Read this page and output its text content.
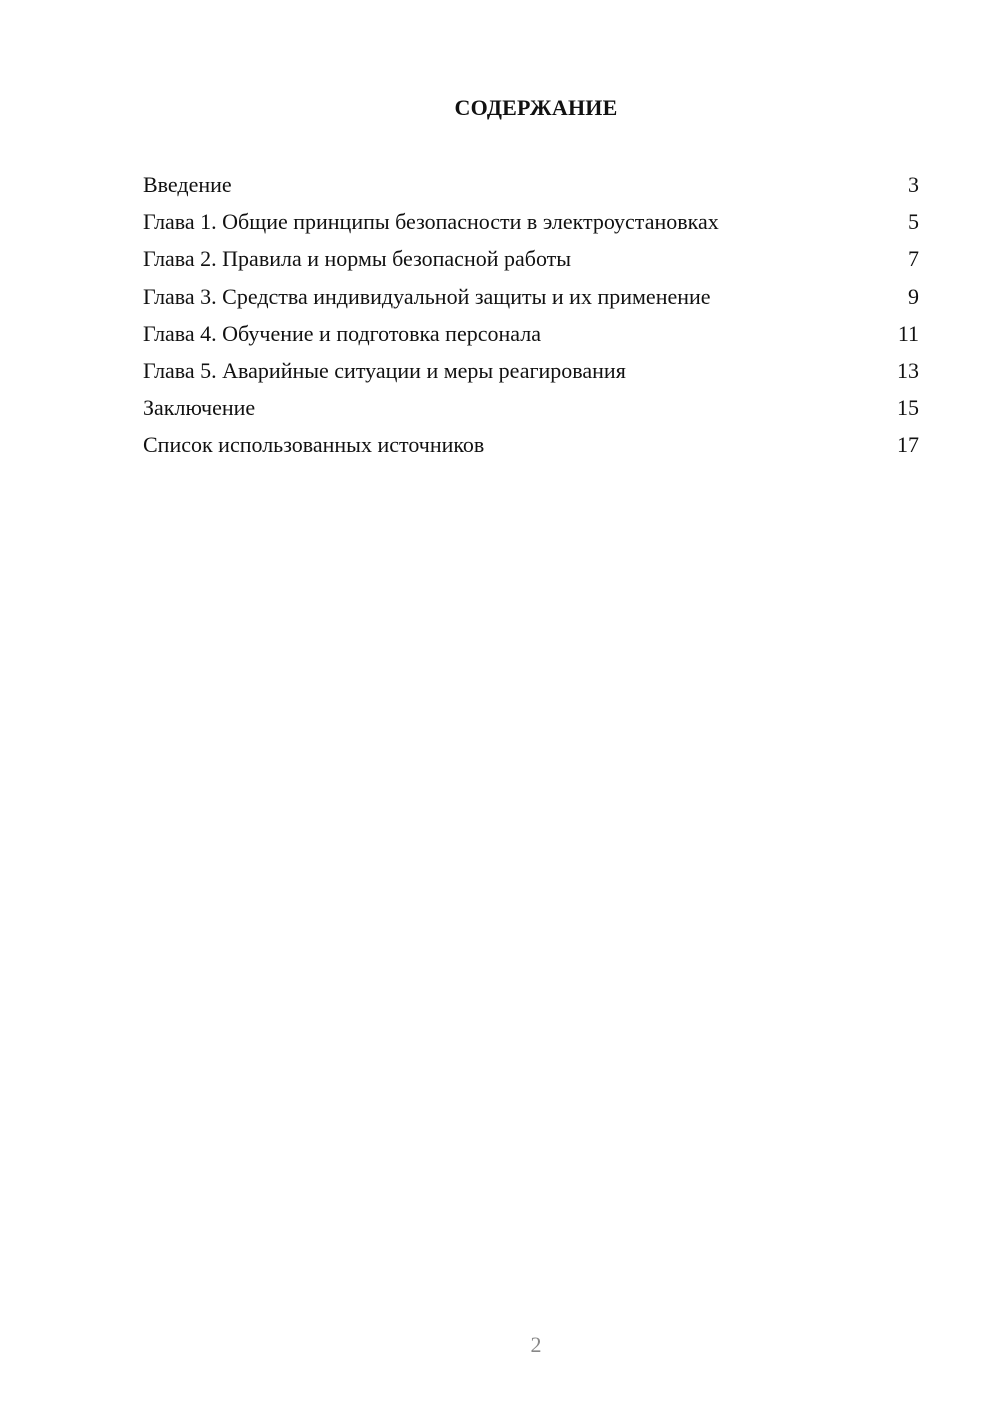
СОДЕРЖАНИЕ
Введение	3
Глава 1. Общие принципы безопасности в электроустановках	5
Глава 2. Правила и нормы безопасной работы	7
Глава 3. Средства индивидуальной защиты и их применение	9
Глава 4. Обучение и подготовка персонала	11
Глава 5. Аварийные ситуации и меры реагирования	13
Заключение	15
Список использованных источников	17
2
